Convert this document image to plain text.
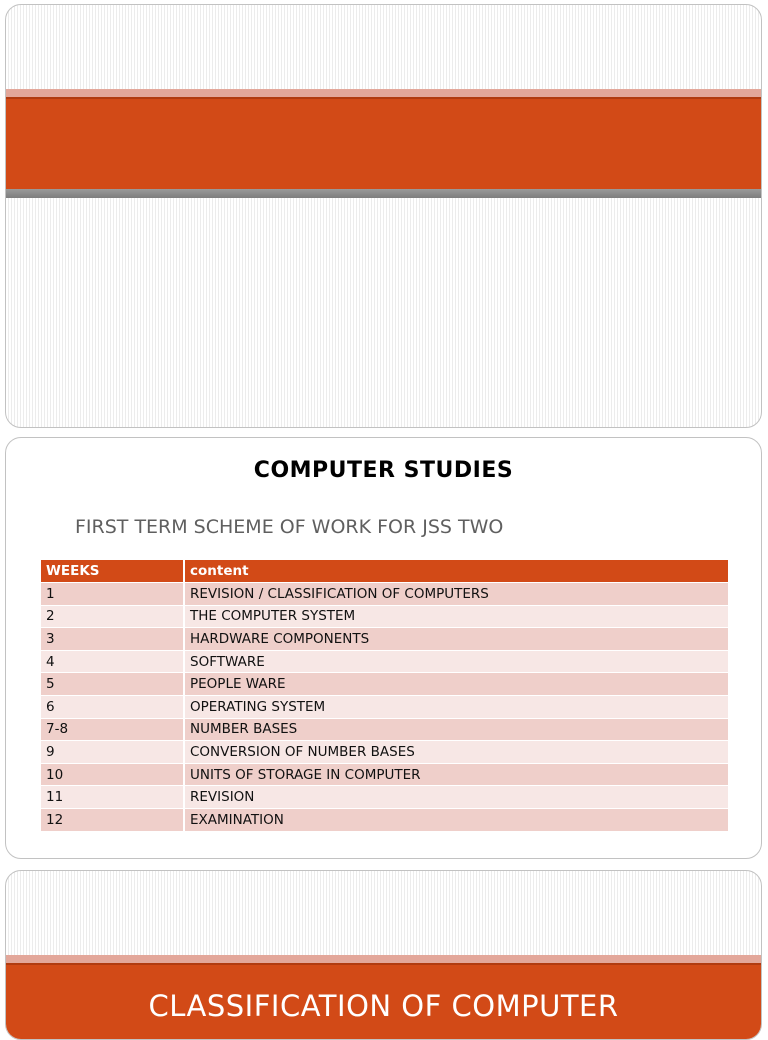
COMPUTER STUDIES
FIRST TERM SCHEME OF WORK FOR JSS TWO
WEEKS	content
1	REVISION / CLASSIFICATION OF COMPUTERS
2	THE COMPUTER SYSTEM
3	HARDWARE COMPONENTS
4	SOFTWARE
5	PEOPLE WARE
6	OPERATING SYSTEM
7-8	NUMBER BASES
9	CONVERSION OF NUMBER BASES
10	UNITS OF STORAGE IN COMPUTER
11	REVISION
12	EXAMINATION
CLASSIFICATION OF COMPUTER
